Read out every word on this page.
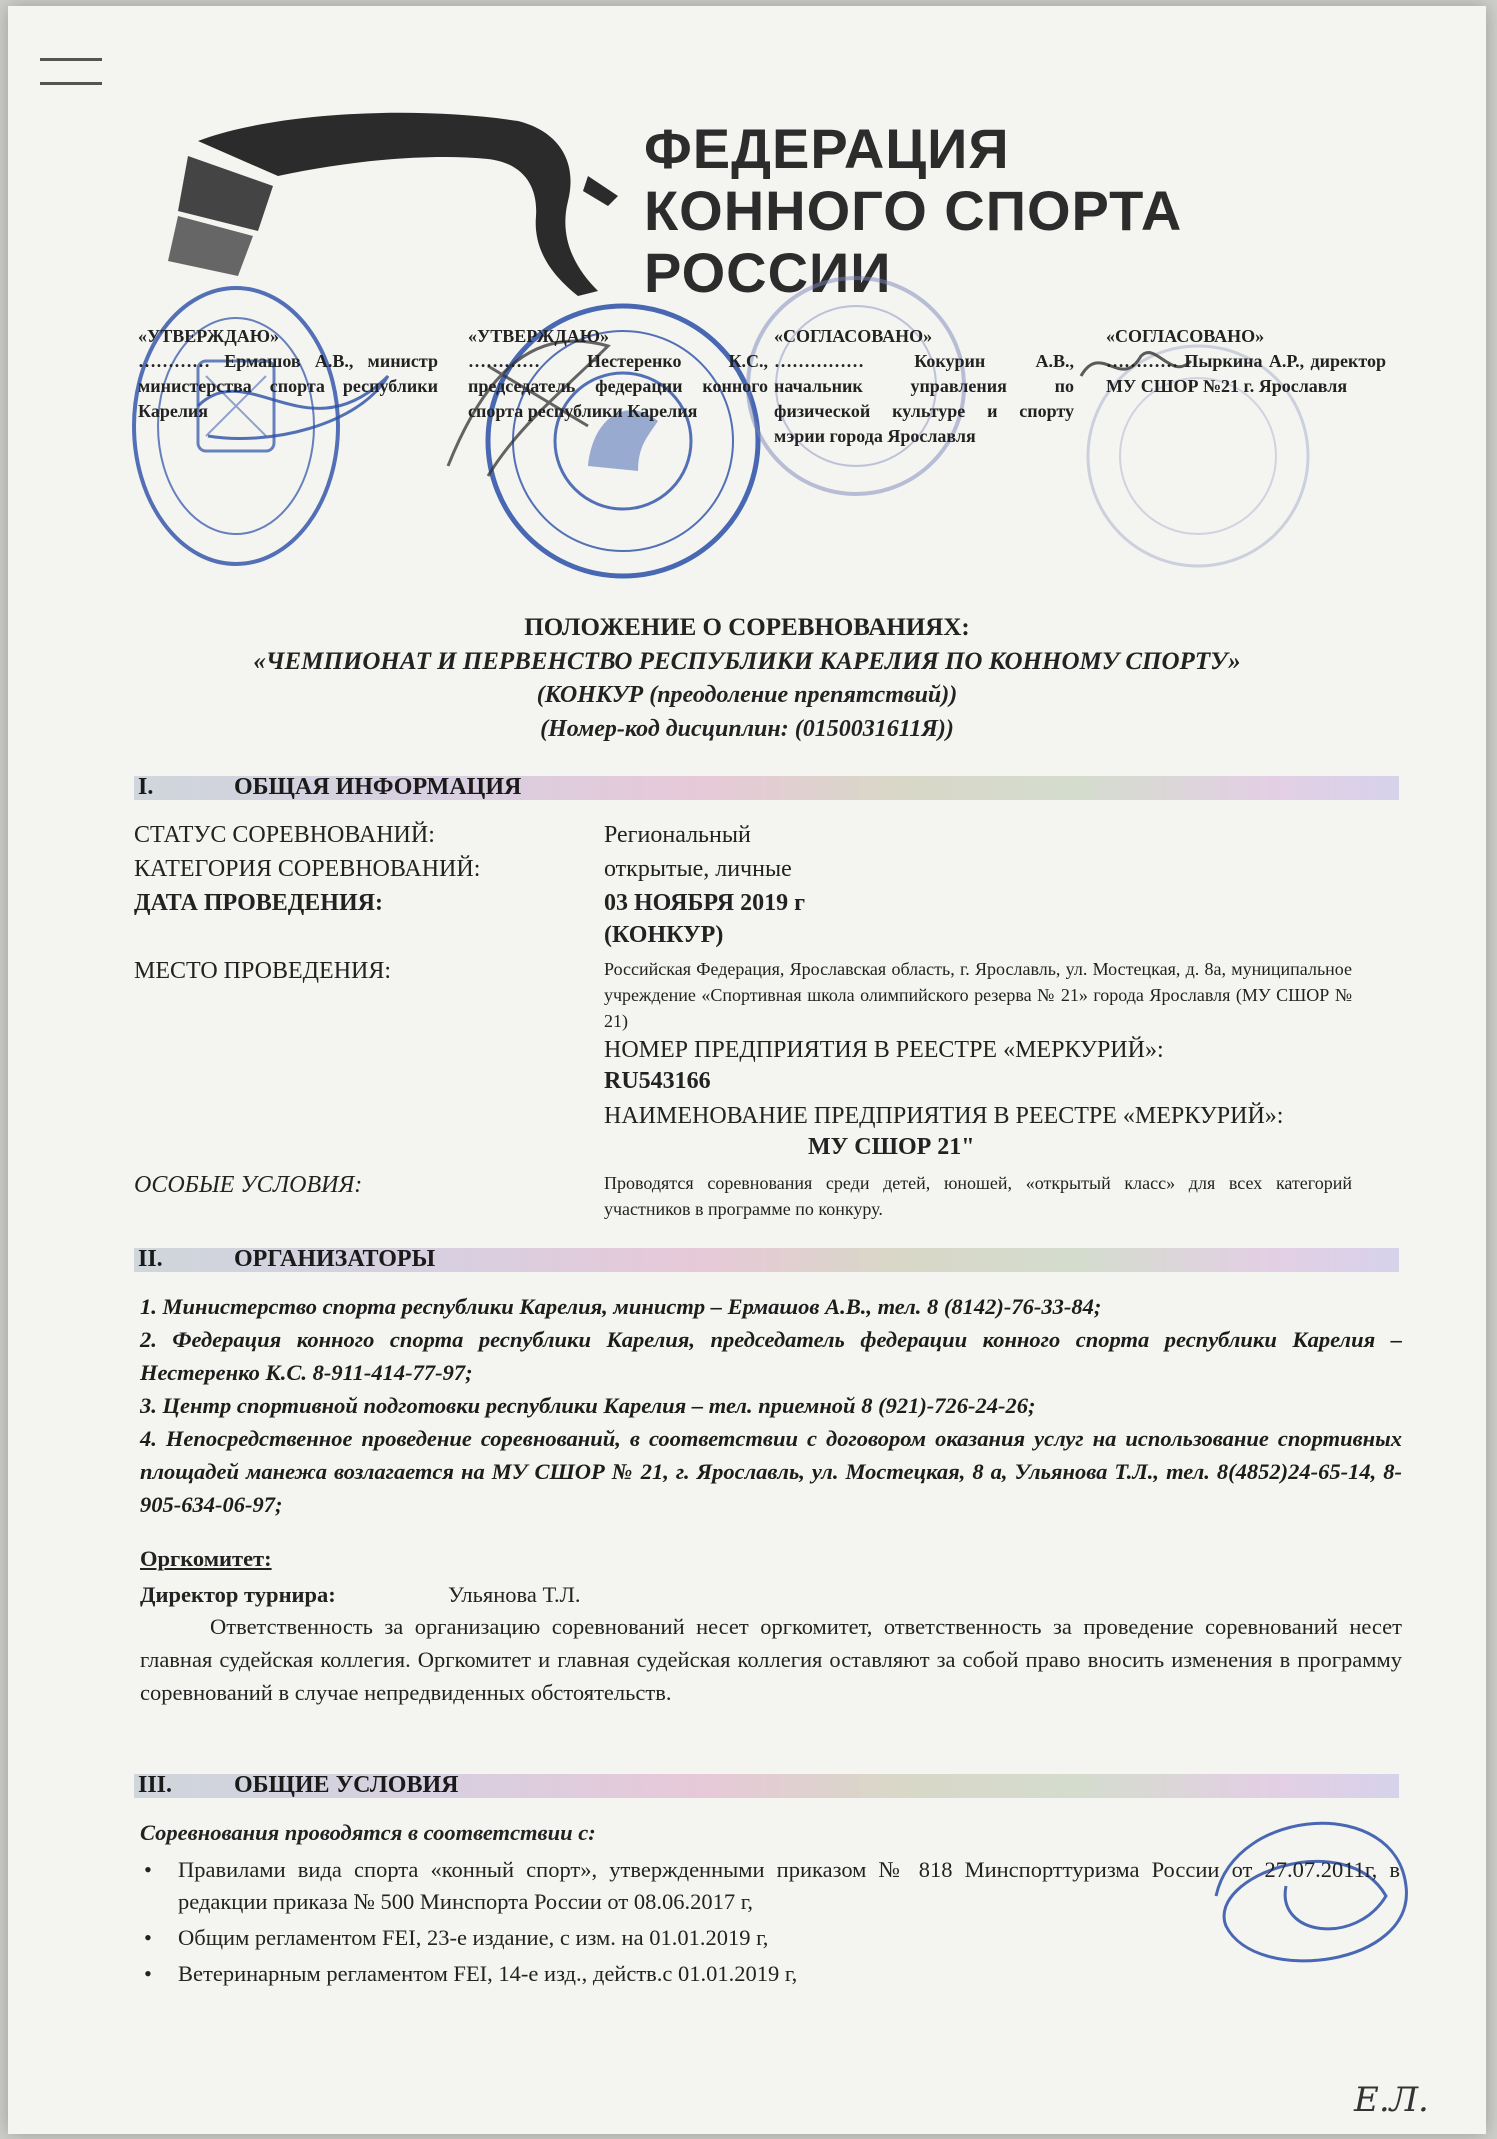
ФЕДЕРАЦИЯ
КОННОГО СПОРТА
РОССИИ
«УТВЕРЖДАЮ»
………… Ермашов А.В., министр министерства спорта республики Карелия
«УТВЕРЖДАЮ»
………… Нестеренко К.С., председатель федерации конного спорта республики Карелия
«СОГЛАСОВАНО»
…………… Кокурин А.В., начальник управления по физической культуре и спорту мэрии города Ярославля
«СОГЛАСОВАНО»
………… Пыркина А.Р., директор МУ СШОР №21 г. Ярославля
ПОЛОЖЕНИЕ О СОРЕВНОВАНИЯХ:
«ЧЕМПИОНАТ И ПЕРВЕНСТВО РЕСПУБЛИКИ КАРЕЛИЯ ПО КОННОМУ СПОРТУ»
(КОНКУР (преодоление препятствий))
(Номер-код дисциплин: (0150031611Я))
I.	ОБЩАЯ ИНФОРМАЦИЯ
СТАТУС СОРЕВНОВАНИЙ:	Региональный
КАТЕГОРИЯ СОРЕВНОВАНИЙ:	открытые, личные
ДАТА ПРОВЕДЕНИЯ:	03 НОЯБРЯ 2019 г
(КОНКУР)
МЕСТО ПРОВЕДЕНИЯ:	Российская Федерация, Ярославская область, г. Ярославль, ул. Мостецкая, д. 8а, муниципальное учреждение «Спортивная школа олимпийского резерва № 21» города Ярославля (МУ СШОР № 21)
НОМЕР ПРЕДПРИЯТИЯ В РЕЕСТРЕ «МЕРКУРИЙ»:
RU543166
НАИМЕНОВАНИЕ ПРЕДПРИЯТИЯ В РЕЕСТРЕ «МЕРКУРИЙ»:
МУ СШОР 21"
ОСОБЫЕ УСЛОВИЯ:	Проводятся соревнования среди детей, юношей, «открытый класс» для всех категорий участников в программе по конкуру.
II.	ОРГАНИЗАТОРЫ

1. Министерство спорта республики Карелия, министр – Ермашов А.В., тел. 8 (8142)-76-33-84;

2. Федерация конного спорта республики Карелия, председатель федерации конного спорта республики Карелия – Нестеренко К.С. 8-911-414-77-97;

3. Центр спортивной подготовки республики Карелия – тел. приемной 8 (921)-726-24-26;

4. Непосредственное проведение соревнований, в соответствии с договором оказания услуг на использование спортивных площадей манежа возлагается на МУ СШОР № 21, г. Ярославль, ул. Мостецкая, 8 а, Ульянова Т.Л., тел. 8(4852)24-65-14, 8-905-634-06-97;

Оргкомитет:
Директор турнира:	Ульянова Т.Л.
Ответственность за организацию соревнований несет оргкомитет, ответственность за проведение соревнований несет главная судейская коллегия. Оргкомитет и главная судейская коллегия оставляют за собой право вносить изменения в программу соревнований в случае непредвиденных обстоятельств.
III.	ОБЩИЕ УСЛОВИЯ
Соревнования проводятся в соответствии с:
• Правилами вида спорта «конный спорт», утвержденными приказом № 818 Минспорттуризма России от 27.07.2011г, в редакции приказа № 500 Минспорта России от 08.06.2017 г,
• Общим регламентом FEI, 23-е издание, с изм. на 01.01.2019 г,
• Ветеринарным регламентом FEI, 14-е изд., действ.с 01.01.2019 г,
Е.Л.
